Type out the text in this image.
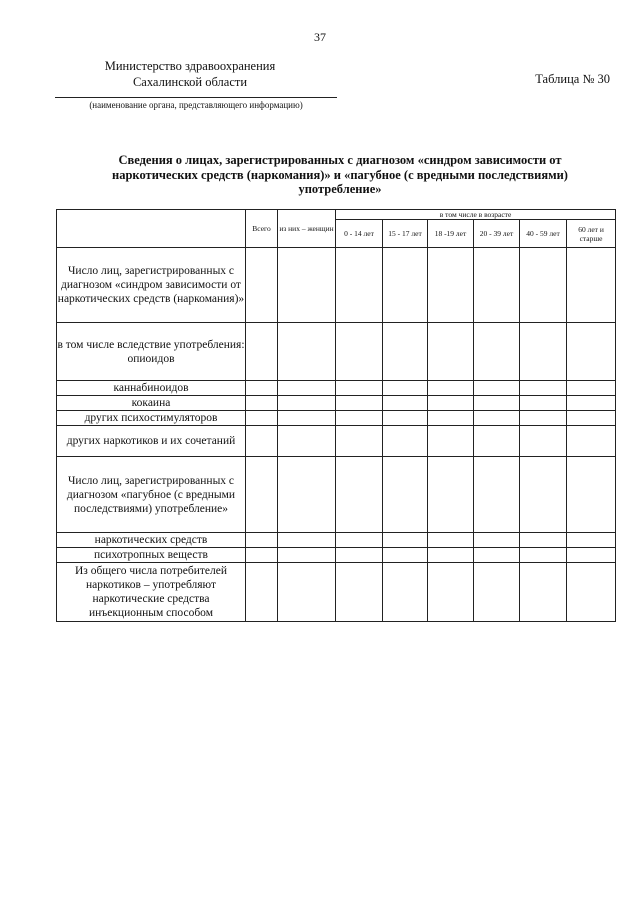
37
Министерство здравоохранения
Сахалинской области	Таблица № 30
(наименование органа, представляющего информацию)
Сведения о лицах, зарегистрированных с диагнозом «синдром зависимости от наркотических средств (наркомания)» и «пагубное (с вредными последствиями) употребление»
	Всего	из них – женщин	в том числе в возрасте					
			0 - 14 лет	15 - 17 лет	18 -19 лет	20 - 39 лет	40 - 59 лет	60 лет и старше
Число лиц, зарегистрированных с диагнозом «синдром зависимости от наркотических средств (наркомания)»								
в том числе вследствие употребления: опиоидов								
каннабиноидов								
кокаина								
других психостимуляторов								
других наркотиков и их сочетаний								
Число лиц, зарегистрированных с диагнозом «пагубное (с вредными последствиями) употребление»								
наркотических средств								
психотропных веществ								
Из общего числа потребителей наркотиков – употребляют наркотические средства инъекционным способом								
